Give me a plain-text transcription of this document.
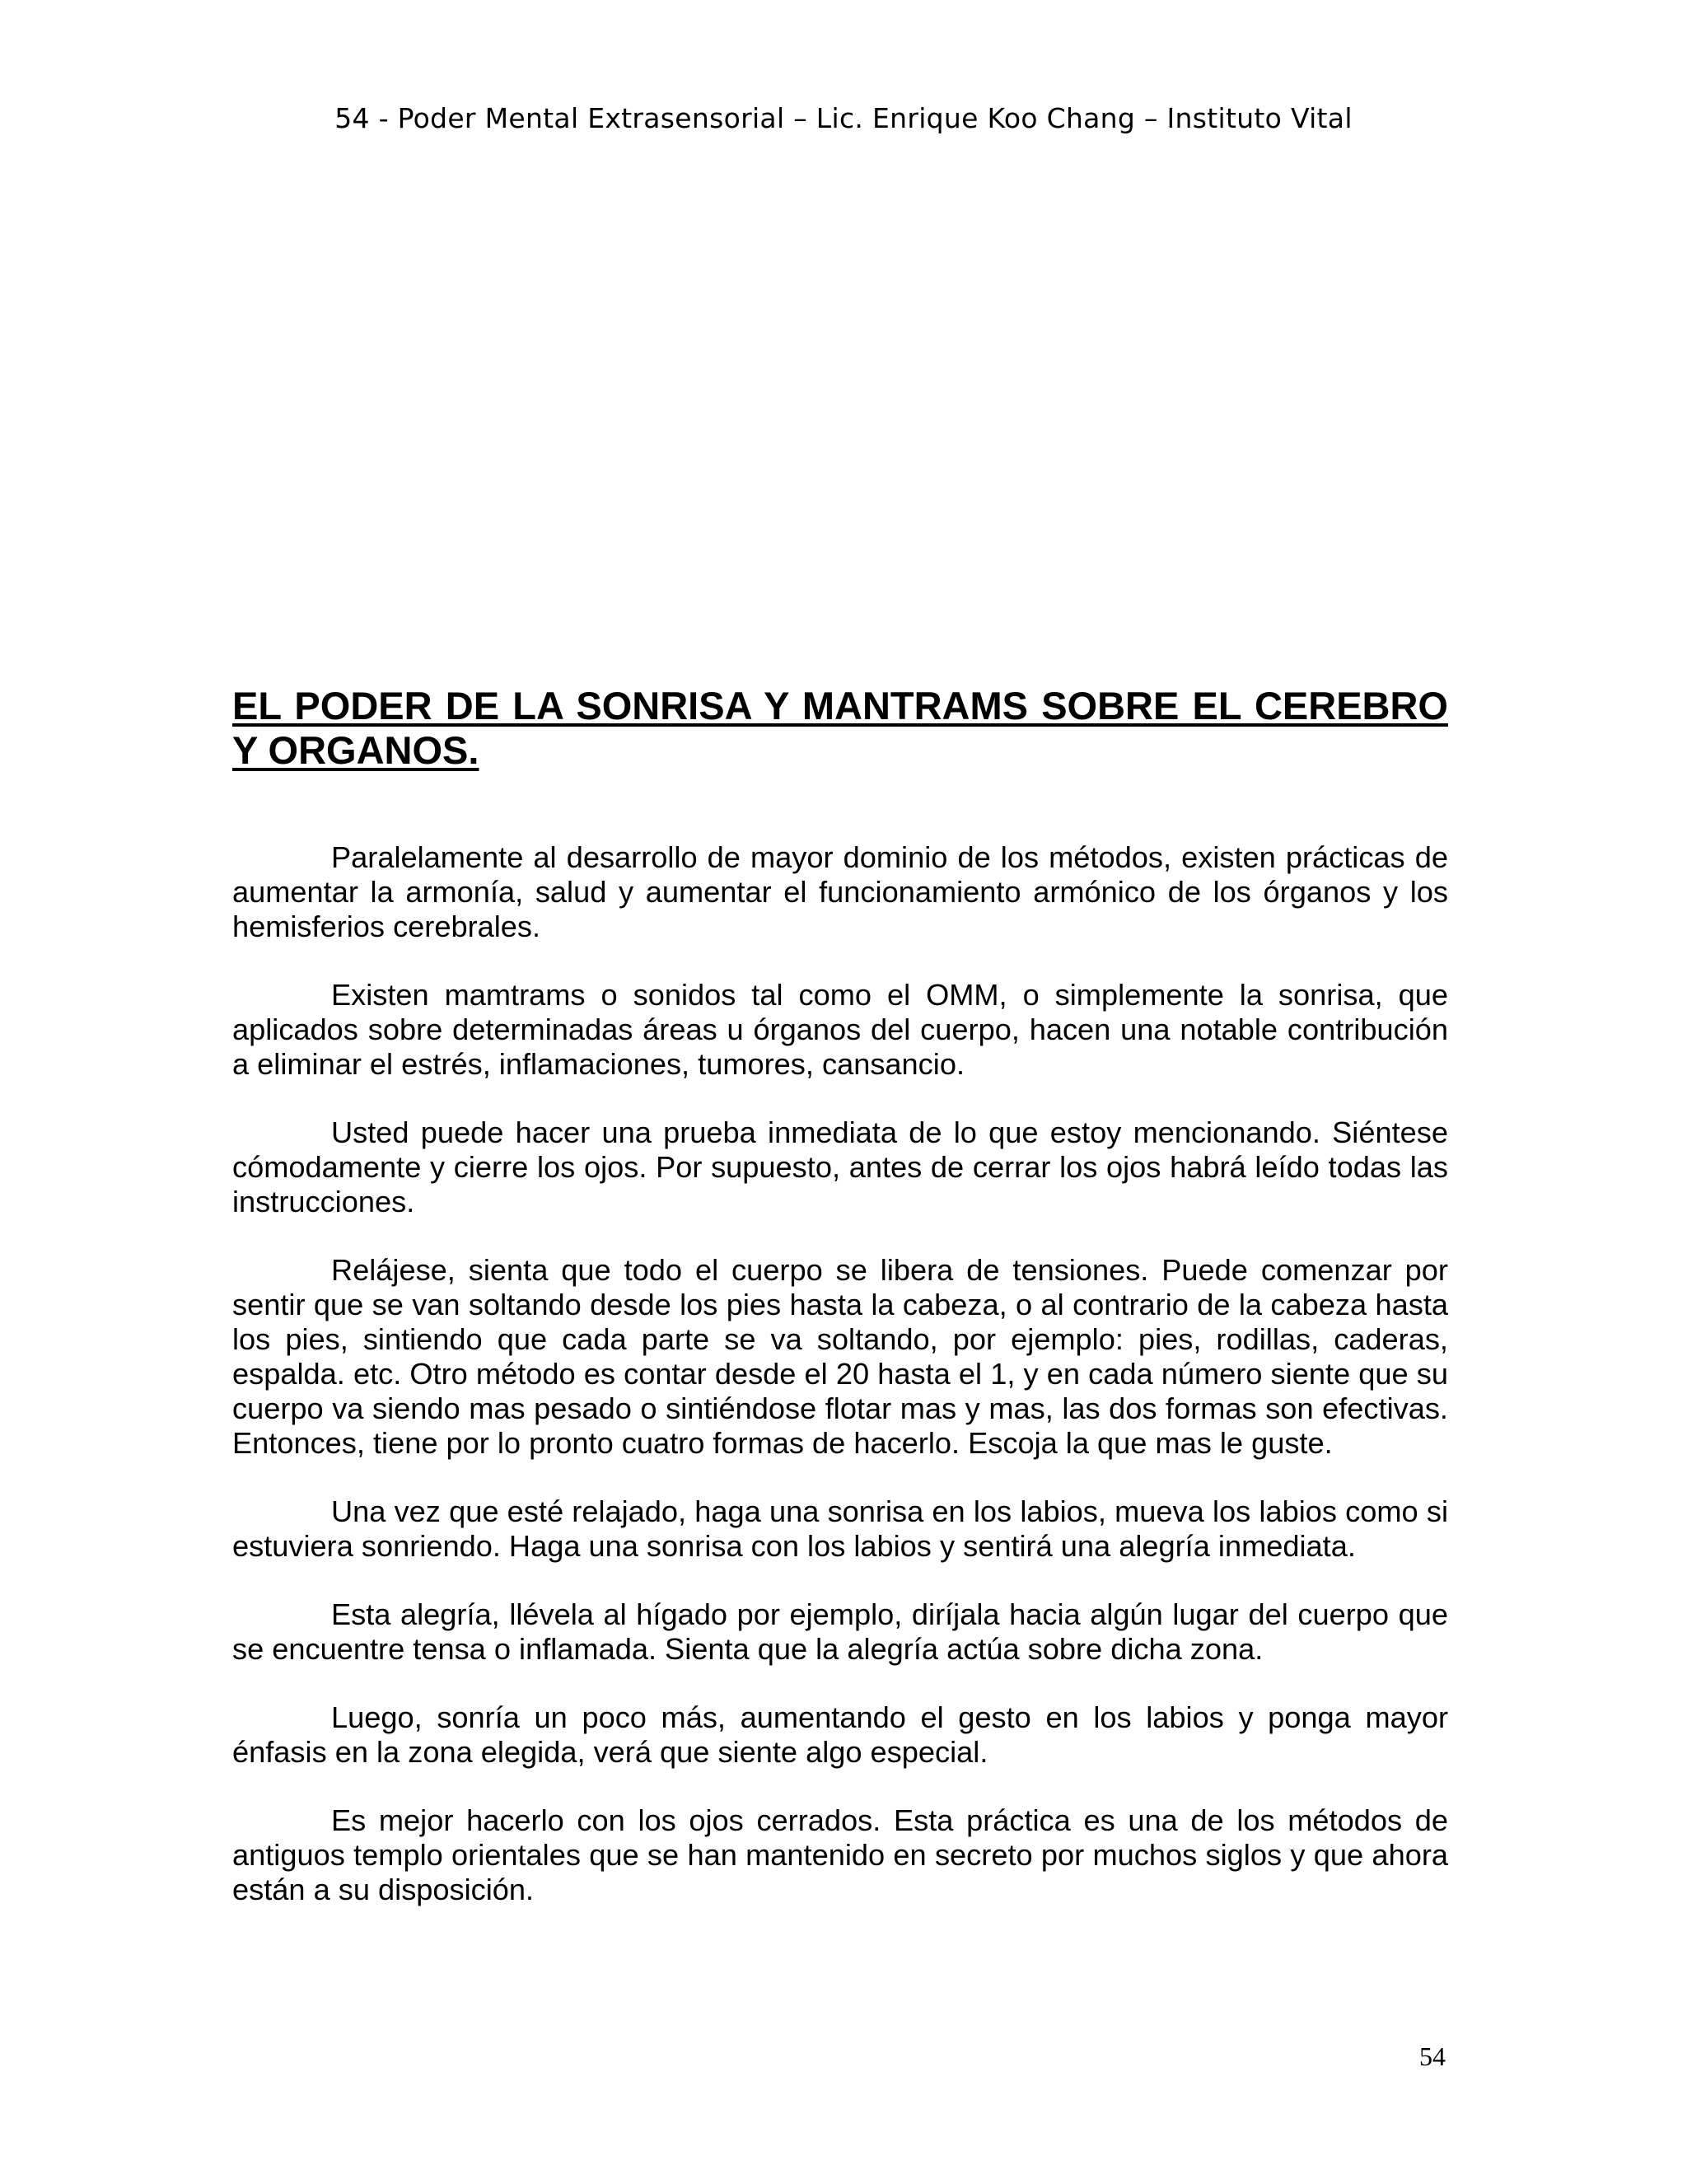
54 - Poder Mental Extrasensorial – Lic. Enrique Koo Chang – Instituto Vital
EL PODER DE LA SONRISA Y MANTRAMS SOBRE EL CEREBRO Y ORGANOS.

Paralelamente al desarrollo de mayor dominio de los métodos, existen prácticas de aumentar la armonía, salud y aumentar el funcionamiento armónico de los órganos y los hemisferios cerebrales.

Existen mamtrams o sonidos tal como el OMM, o simplemente la sonrisa, que aplicados sobre determinadas áreas u órganos del cuerpo, hacen una notable contribución a eliminar el estrés, inflamaciones, tumores, cansancio.

Usted puede hacer una prueba inmediata de lo que estoy mencionando. Siéntese cómodamente y cierre los ojos. Por supuesto, antes de cerrar los ojos habrá leído todas las instrucciones.

Relájese, sienta que todo el cuerpo se libera de tensiones. Puede comenzar por sentir que se van soltando desde los pies hasta la cabeza, o al contrario de la cabeza hasta los pies, sintiendo que cada parte se va soltando, por ejemplo: pies, rodillas, caderas, espalda. etc. Otro método es contar desde el 20 hasta el 1, y en cada número siente que su cuerpo va siendo mas pesado o sintiéndose flotar mas y mas, las dos formas son efectivas. Entonces, tiene por lo pronto cuatro formas de hacerlo. Escoja la que mas le guste.

Una vez que esté relajado, haga una sonrisa en los labios, mueva los labios como si estuviera sonriendo. Haga una sonrisa con los labios y sentirá una alegría inmediata.

Esta alegría, llévela al hígado por ejemplo, diríjala hacia algún lugar del cuerpo que se encuentre tensa o inflamada. Sienta que la alegría actúa sobre dicha zona.

Luego, sonría un poco más, aumentando el gesto en los labios y ponga mayor énfasis en la zona elegida, verá que siente algo especial.

Es mejor hacerlo con los ojos cerrados. Esta práctica es una de los métodos de antiguos templo orientales que se han mantenido en secreto por muchos siglos y que ahora están a su disposición.

54
